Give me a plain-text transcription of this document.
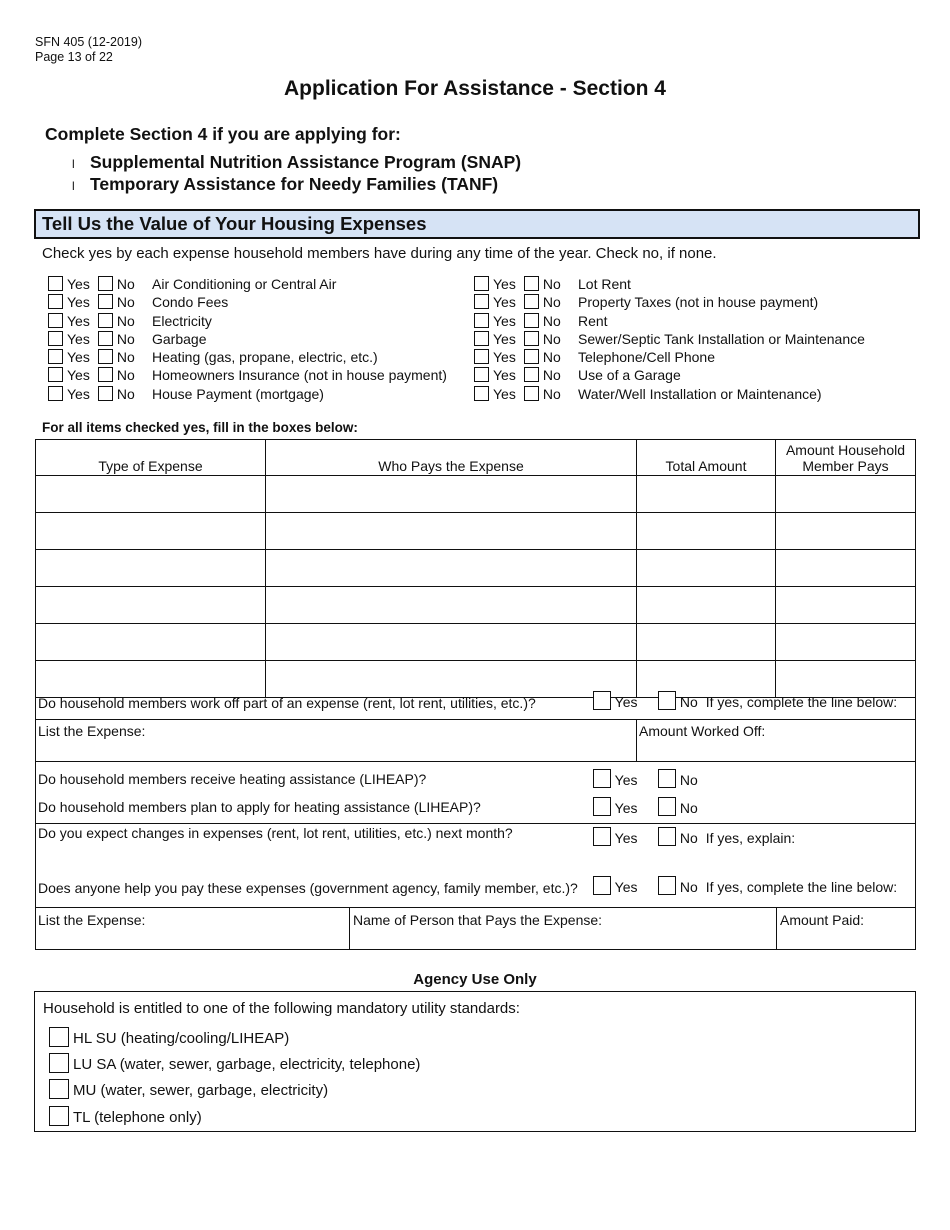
SFN 405 (12-2019)
Page 13 of 22
Application For Assistance - Section 4
Complete Section 4 if you are applying for:
l Supplemental Nutrition Assistance Program (SNAP)
l Temporary Assistance for Needy Families (TANF)
Tell Us the Value of Your Housing Expenses
Check yes by each expense household members have during any time of the year. Check no, if none.
Yes No Air Conditioning or Central Air
Yes No Condo Fees
Yes No Electricity
Yes No Garbage
Yes No Heating (gas, propane, electric, etc.)
Yes No Homeowners Insurance (not in house payment)
Yes No House Payment (mortgage)
Yes No Lot Rent
Yes No Property Taxes (not in house payment)
Yes No Rent
Yes No Sewer/Septic Tank Installation or Maintenance
Yes No Telephone/Cell Phone
Yes No Use of a Garage
Yes No Water/Well Installation or Maintenance)
For all items checked yes, fill in the boxes below:
Type of Expense	Who Pays the Expense	Total Amount	Amount Household Member Pays

Do household members work off part of an expense (rent, lot rent, utilities, etc.)?	Yes	No If yes, complete the line below:
List the Expense:	Amount Worked Off:
Do household members receive heating assistance (LIHEAP)?	Yes	No
Do household members plan to apply for heating assistance (LIHEAP)?	Yes	No
Do you expect changes in expenses (rent, lot rent, utilities, etc.) next month?	Yes	No If yes, explain:
Does anyone help you pay these expenses (government agency, family member, etc.)?	Yes	No If yes, complete the line below:
List the Expense:	Name of Person that Pays the Expense:	Amount Paid:
Agency Use Only
Household is entitled to one of the following mandatory utility standards:
HL SU (heating/cooling/LIHEAP)
LU SA (water, sewer, garbage, electricity, telephone)
MU (water, sewer, garbage, electricity)
TL (telephone only)
